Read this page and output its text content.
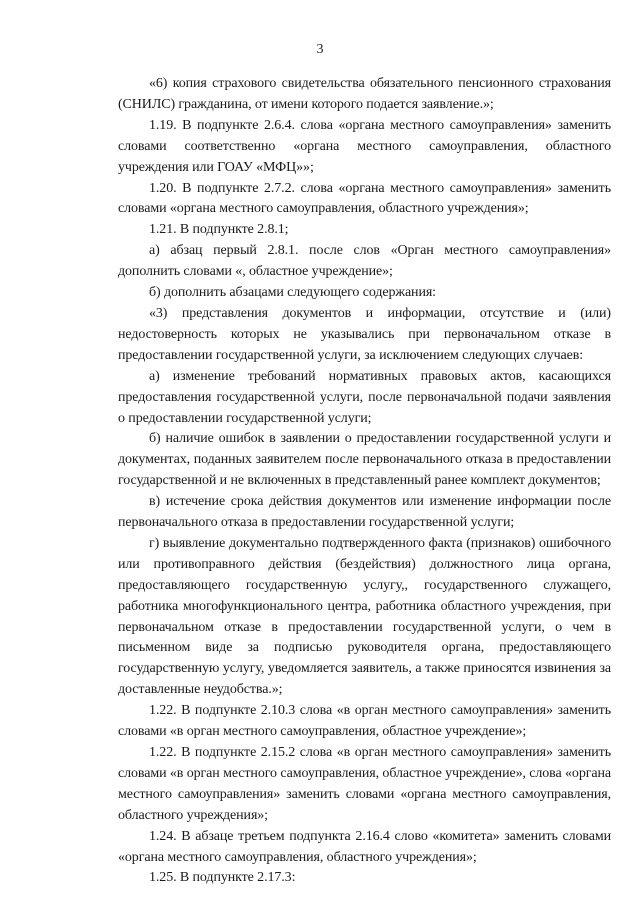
3

«6) копия страхового свидетельства обязательного пенсионного страхования (СНИЛС) гражданина, от имени которого подается заявление.»;

1.19. В подпункте 2.6.4. слова «органа местного самоуправления» заменить словами соответственно «органа местного самоуправления, областного учреждения или ГОАУ «МФЦ»»;

1.20. В подпункте 2.7.2. слова «органа местного самоуправления» заменить словами «органа местного самоуправления, областного учреждения»;

1.21. В подпункте 2.8.1;

а) абзац первый 2.8.1. после слов «Орган местного самоуправления» дополнить словами «, областное учреждение»;

б) дополнить абзацами следующего содержания:

«3) представления документов и информации, отсутствие и (или) недостоверность которых не указывались при первоначальном отказе в предоставлении государственной услуги, за исключением следующих случаев:

а) изменение требований нормативных правовых актов, касающихся предоставления государственной услуги, после первоначальной подачи заявления о предоставлении государственной услуги;

б) наличие ошибок в заявлении о предоставлении государственной услуги и документах, поданных заявителем после первоначального отказа в предоставлении государственной и не включенных в представленный ранее комплект документов;

в) истечение срока действия документов или изменение информации после первоначального отказа в предоставлении государственной услуги;

г) выявление документально подтвержденного факта (признаков) ошибочного или противоправного действия (бездействия) должностного лица органа, предоставляющего государственную услугу,, государственного служащего, работника многофункционального центра, работника областного учреждения, при первоначальном отказе в предоставлении государственной услуги, о чем в письменном виде за подписью руководителя органа, предоставляющего государственную услугу, уведомляется заявитель, а также приносятся извинения за доставленные неудобства.»;

1.22. В подпункте 2.10.3 слова «в орган местного самоуправления» заменить словами «в орган местного самоуправления, областное учреждение»;

1.22. В подпункте 2.15.2 слова «в орган местного самоуправления» заменить словами «в орган местного самоуправления, областное учреждение», слова «органа местного самоуправления» заменить словами «органа местного самоуправления, областного учреждения»;

1.24. В абзаце третьем подпункта 2.16.4 слово «комитета» заменить словами «органа местного самоуправления, областного учреждения»;

1.25. В подпункте 2.17.3:
